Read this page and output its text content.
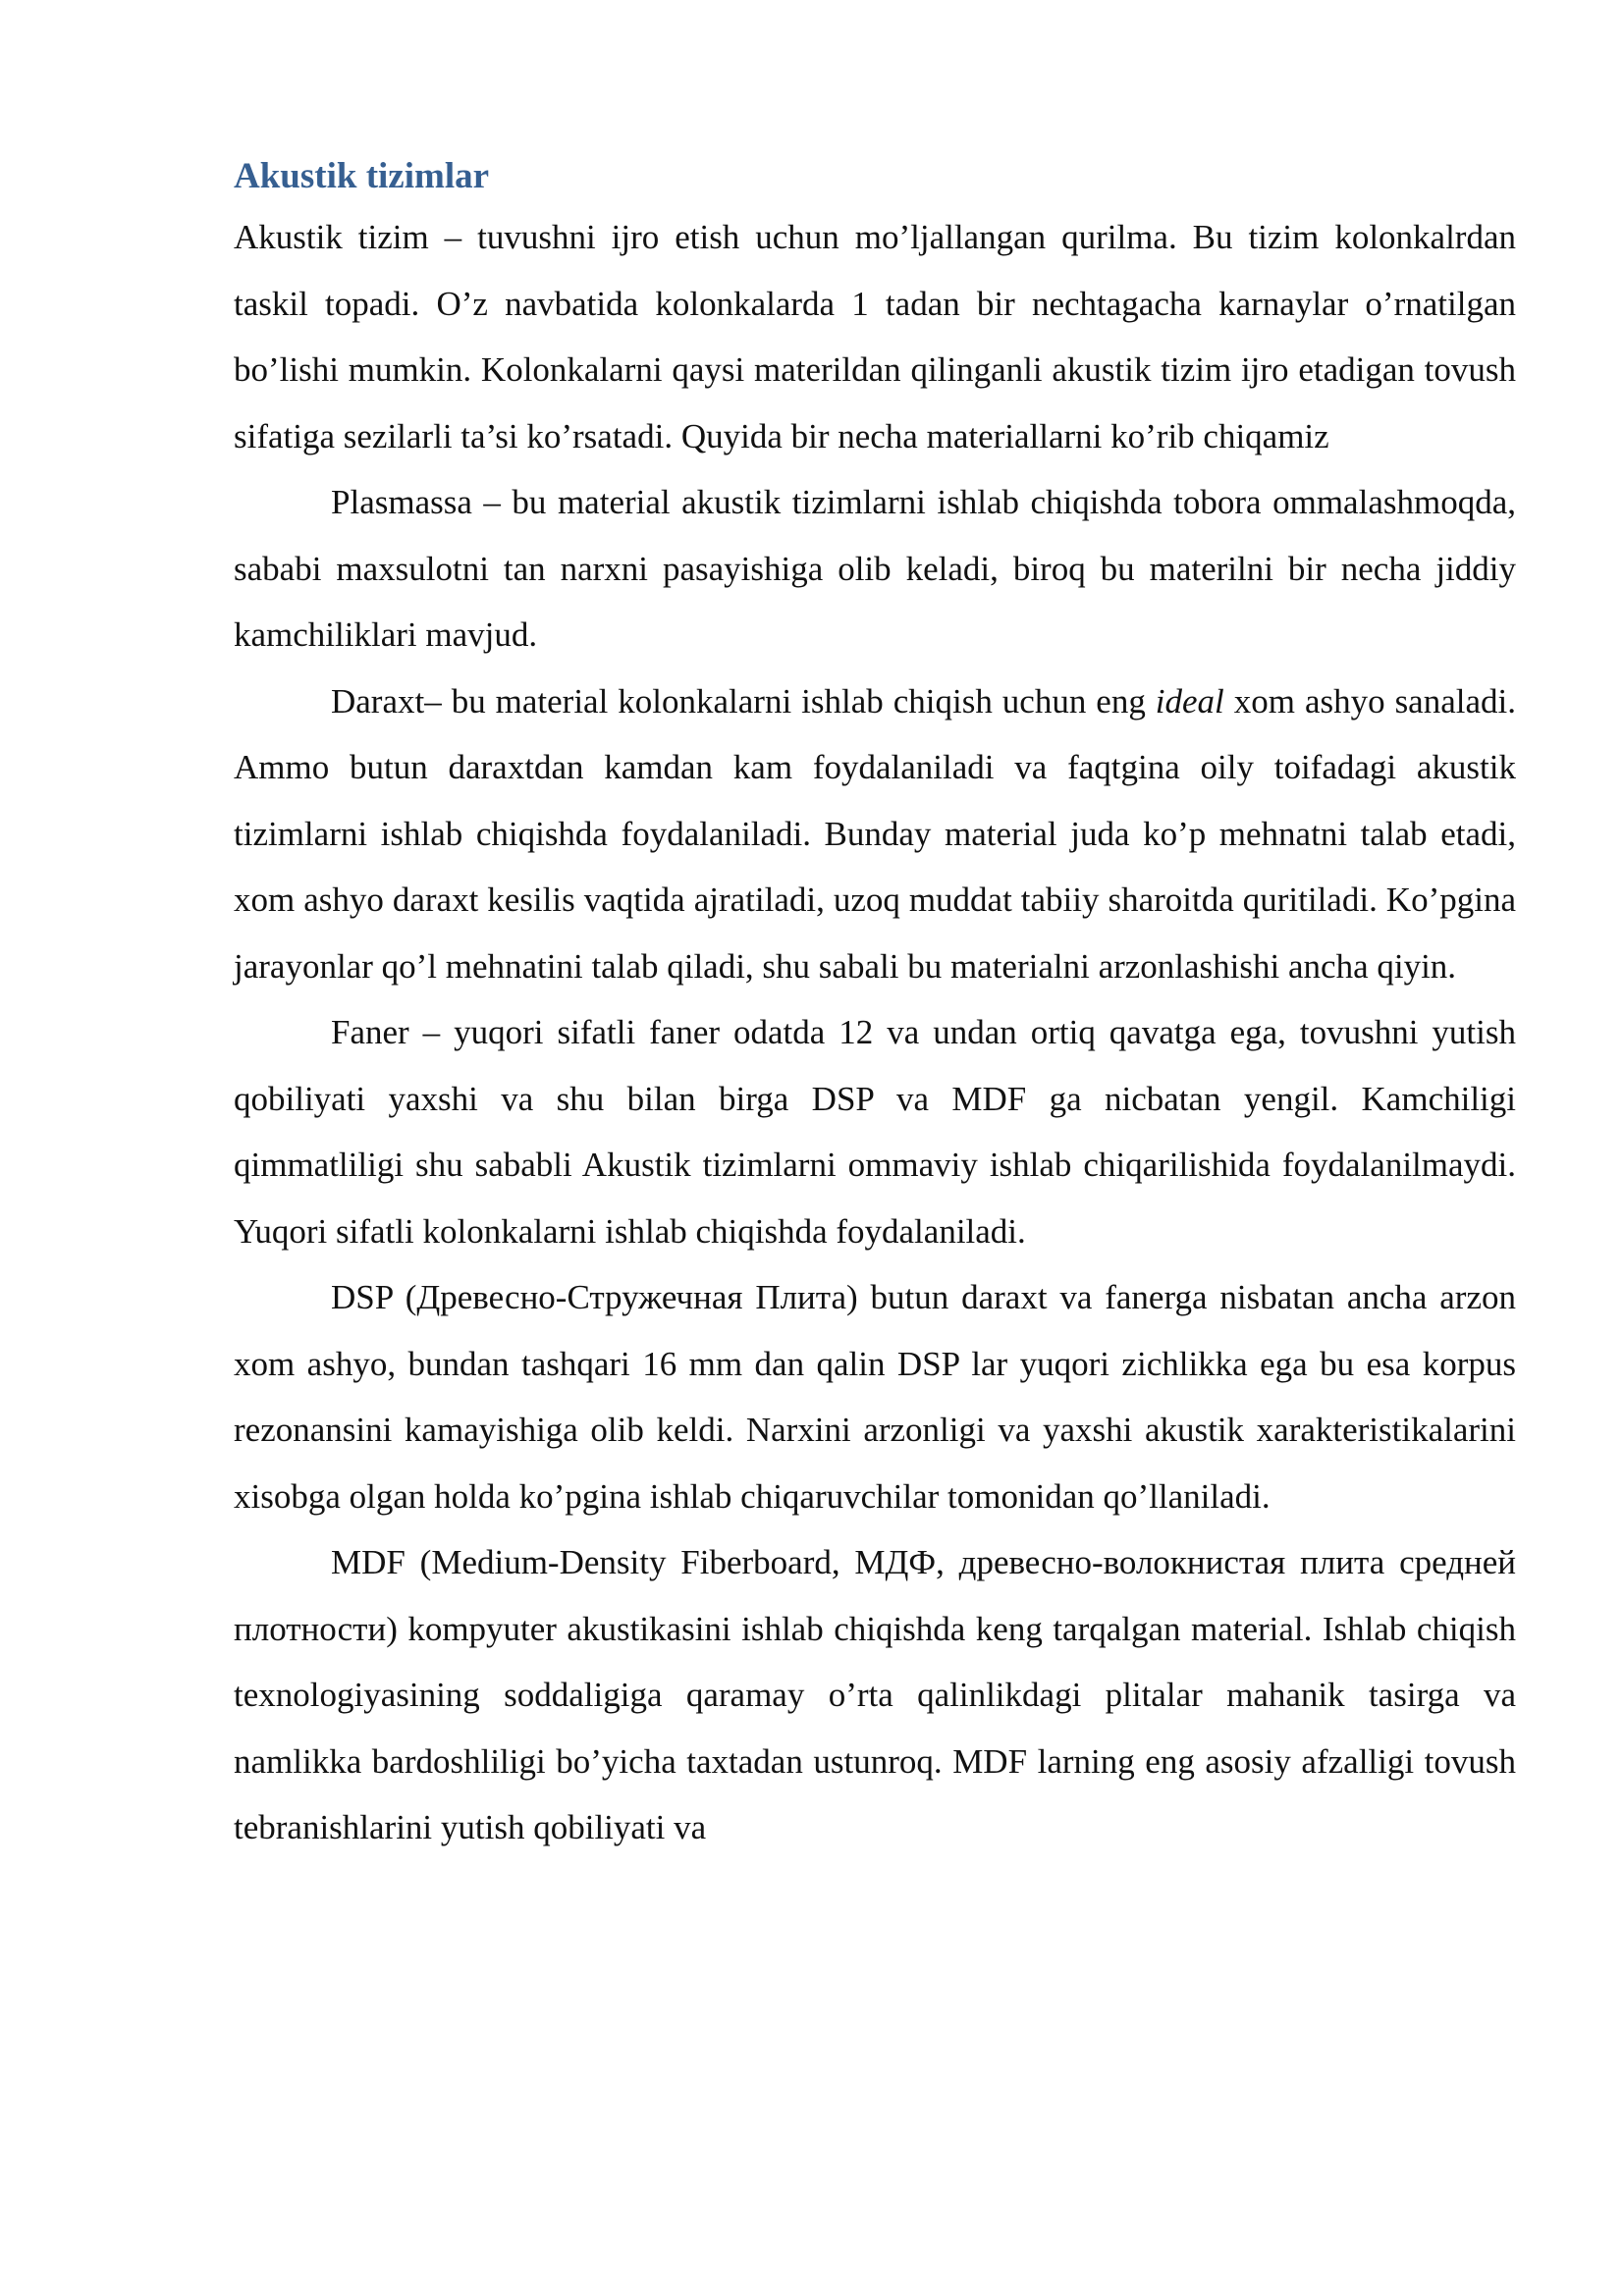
Akustik tizimlar

Akustik tizim – tuvushni ijro etish uchun mo’ljallangan qurilma. Bu tizim kolonkalrdan taskil topadi. O’z navbatida kolonkalarda 1 tadan bir nechtagacha karnaylar o’rnatilgan bo’lishi mumkin. Kolonkalarni qaysi materildan qilinganli akustik tizim ijro etadigan tovush sifatiga sezilarli ta’si ko’rsatadi. Quyida bir necha materiallarni ko’rib chiqamiz

Plasmassa – bu material akustik tizimlarni ishlab chiqishda tobora ommalashmoqda, sababi maxsulotni tan narxni pasayishiga olib keladi, biroq bu materilni bir necha jiddiy kamchiliklari mavjud.

Daraxt– bu material kolonkalarni ishlab chiqish uchun eng ideal xom ashyo sanaladi. Ammo butun daraxtdan kamdan kam foydalaniladi va faqtgina oily toifadagi akustik tizimlarni ishlab chiqishda foydalaniladi. Bunday material juda ko’p mehnatni talab etadi, xom ashyo daraxt kesilis vaqtida ajratiladi, uzoq muddat tabiiy sharoitda quritiladi. Ko’pgina jarayonlar qo’l mehnatini talab qiladi, shu sabali bu materialni arzonlashishi ancha qiyin.

Faner – yuqori sifatli faner odatda 12 va undan ortiq qavatga ega, tovushni yutish qobiliyati yaxshi va shu bilan birga DSP va MDF ga nicbatan yengil. Kamchiligi qimmatliligi shu sababli Akustik tizimlarni ommaviy ishlab chiqarilishida foydalanilmaydi. Yuqori sifatli kolonkalarni ishlab chiqishda foydalaniladi.

DSP (Древесно-Стружечная Плита) butun daraxt va fanerga nisbatan ancha arzon xom ashyo, bundan tashqari 16 mm dan qalin DSP lar yuqori zichlikka ega bu esa korpus rezonansini kamayishiga olib keldi. Narxini arzonligi va yaxshi akustik xarakteristikalarini xisobga olgan holda ko’pgina ishlab chiqaruvchilar tomonidan qo’llaniladi.

MDF (Medium-Density Fiberboard, МДФ, древесно-волокнистая плита средней плотности) kompyuter akustikasini ishlab chiqishda keng tarqalgan material. Ishlab chiqish texnologiyasining soddaligiga qaramay o’rta qalinlikdagi plitalar mahanik tasirga va namlikka bardoshliligi bo’yicha taxtadan ustunroq. MDF larning eng asosiy afzalligi tovush tebranishlarini yutish qobiliyati va
